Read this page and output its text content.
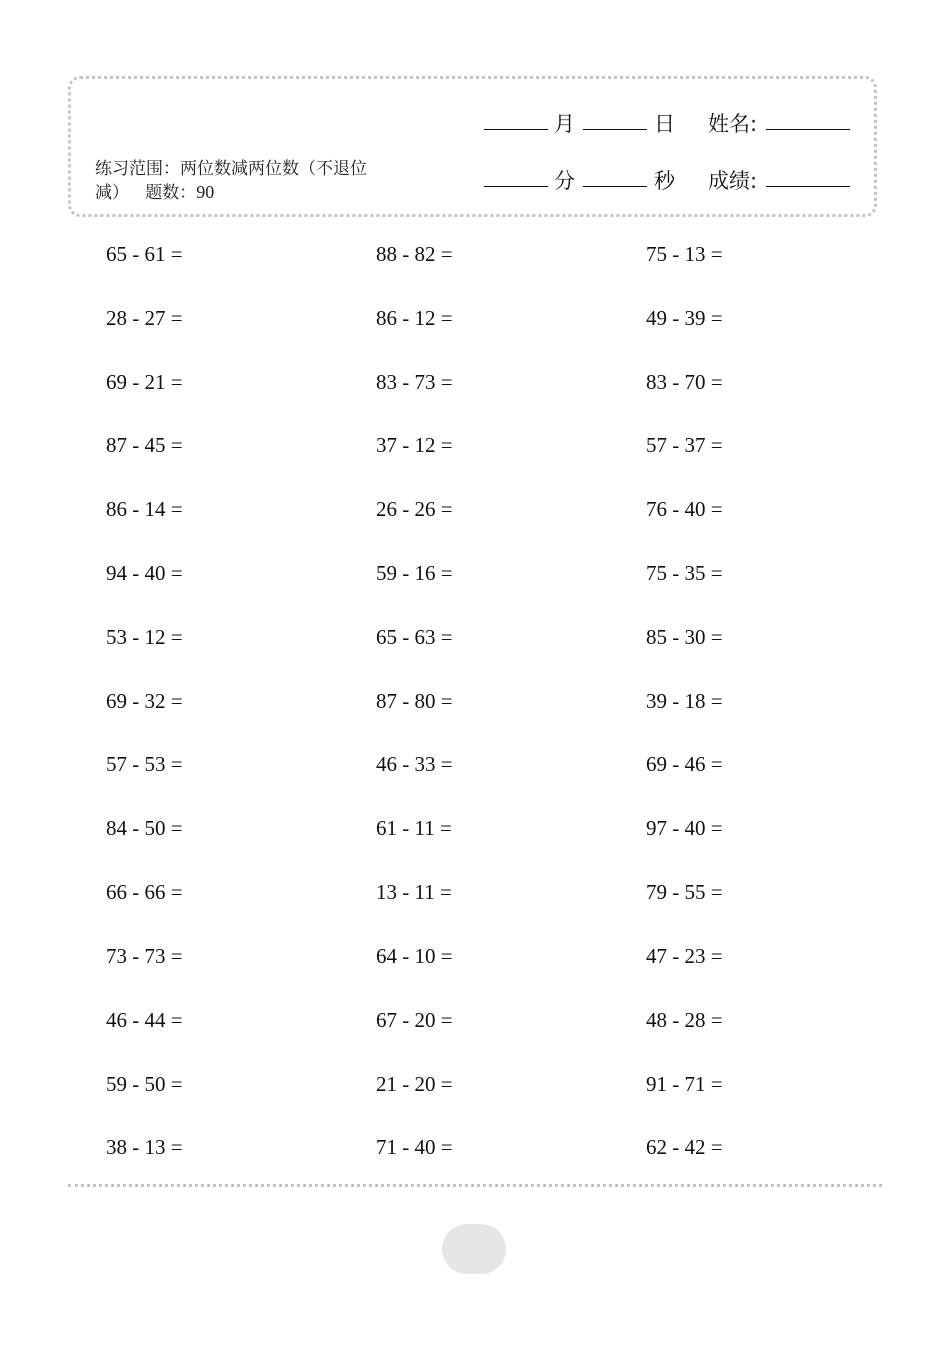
练习范围：两位数减两位数（不退位减） 题数：90
月	日 姓名:
分	秒 成绩:
65 - 61 =
28 - 27 =
69 - 21 =
87 - 45 =
86 - 14 =
94 - 40 =
53 - 12 =
69 - 32 =
57 - 53 =
84 - 50 =
66 - 66 =
73 - 73 =
46 - 44 =
59 - 50 =
38 - 13 =
88 - 82 =
86 - 12 =
83 - 73 =
37 - 12 =
26 - 26 =
59 - 16 =
65 - 63 =
87 - 80 =
46 - 33 =
61 - 11 =
13 - 11 =
64 - 10 =
67 - 20 =
21 - 20 =
71 - 40 =
75 - 13 =
49 - 39 =
83 - 70 =
57 - 37 =
76 - 40 =
75 - 35 =
85 - 30 =
39 - 18 =
69 - 46 =
97 - 40 =
79 - 55 =
47 - 23 =
48 - 28 =
91 - 71 =
62 - 42 =
